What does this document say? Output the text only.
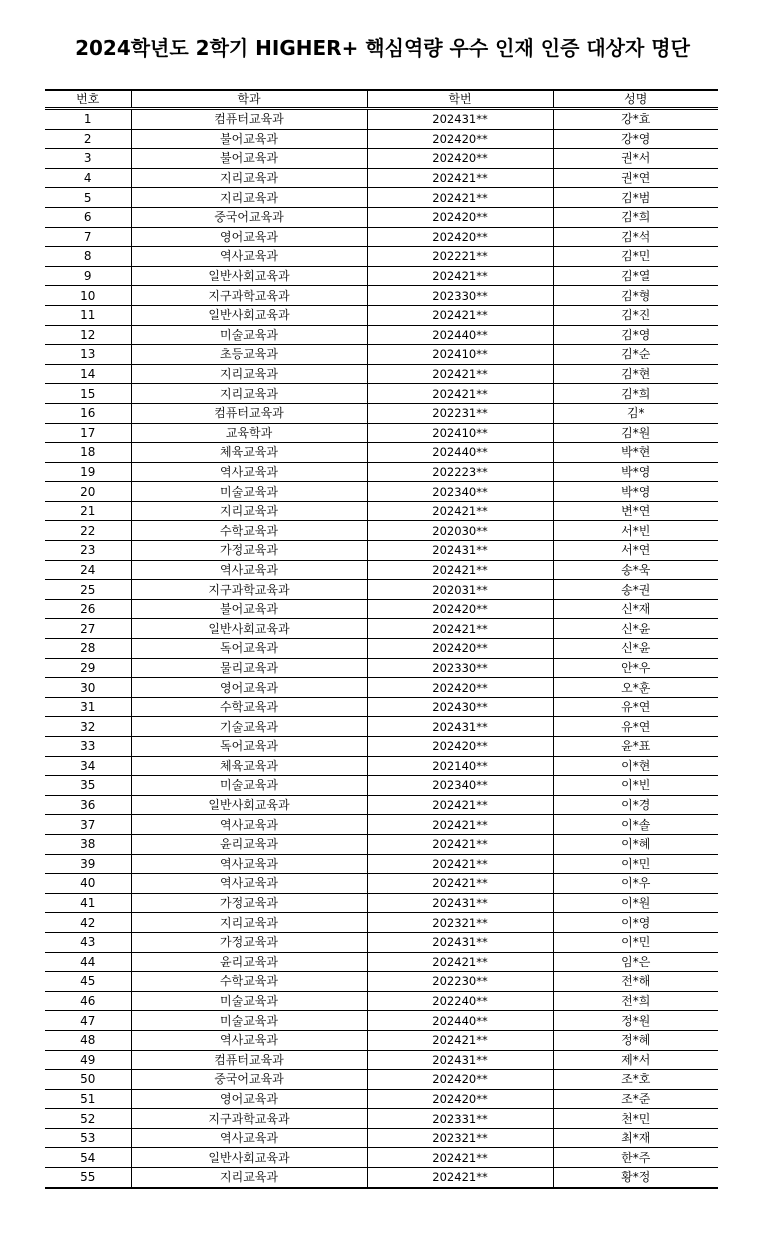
2024학년도 2학기 HIGHER+ 핵심역량 우수 인재 인증 대상자 명단
번호	학과	학번	성명
1	컴퓨터교육과	202431**	강*효
2	불어교육과	202420**	강*영
3	불어교육과	202420**	권*서
4	지리교육과	202421**	권*연
5	지리교육과	202421**	김*범
6	중국어교육과	202420**	김*희
7	영어교육과	202420**	김*석
8	역사교육과	202221**	김*민
9	일반사회교육과	202421**	김*열
10	지구과학교육과	202330**	김*형
11	일반사회교육과	202421**	김*진
12	미술교육과	202440**	김*영
13	초등교육과	202410**	김*순
14	지리교육과	202421**	김*현
15	지리교육과	202421**	김*희
16	컴퓨터교육과	202231**	김*
17	교육학과	202410**	김*원
18	체육교육과	202440**	박*현
19	역사교육과	202223**	박*영
20	미술교육과	202340**	박*영
21	지리교육과	202421**	변*연
22	수학교육과	202030**	서*빈
23	가정교육과	202431**	서*연
24	역사교육과	202421**	송*욱
25	지구과학교육과	202031**	송*권
26	불어교육과	202420**	신*재
27	일반사회교육과	202421**	신*윤
28	독어교육과	202420**	신*윤
29	물리교육과	202330**	안*우
30	영어교육과	202420**	오*훈
31	수학교육과	202430**	유*연
32	기술교육과	202431**	유*연
33	독어교육과	202420**	윤*표
34	체육교육과	202140**	이*현
35	미술교육과	202340**	이*빈
36	일반사회교육과	202421**	이*경
37	역사교육과	202421**	이*솔
38	윤리교육과	202421**	이*혜
39	역사교육과	202421**	이*민
40	역사교육과	202421**	이*우
41	가정교육과	202431**	이*원
42	지리교육과	202321**	이*영
43	가정교육과	202431**	이*민
44	윤리교육과	202421**	임*은
45	수학교육과	202230**	전*해
46	미술교육과	202240**	전*희
47	미술교육과	202440**	정*원
48	역사교육과	202421**	정*혜
49	컴퓨터교육과	202431**	제*서
50	중국어교육과	202420**	조*호
51	영어교육과	202420**	조*준
52	지구과학교육과	202331**	천*민
53	역사교육과	202321**	최*재
54	일반사회교육과	202421**	한*주
55	지리교육과	202421**	황*정
